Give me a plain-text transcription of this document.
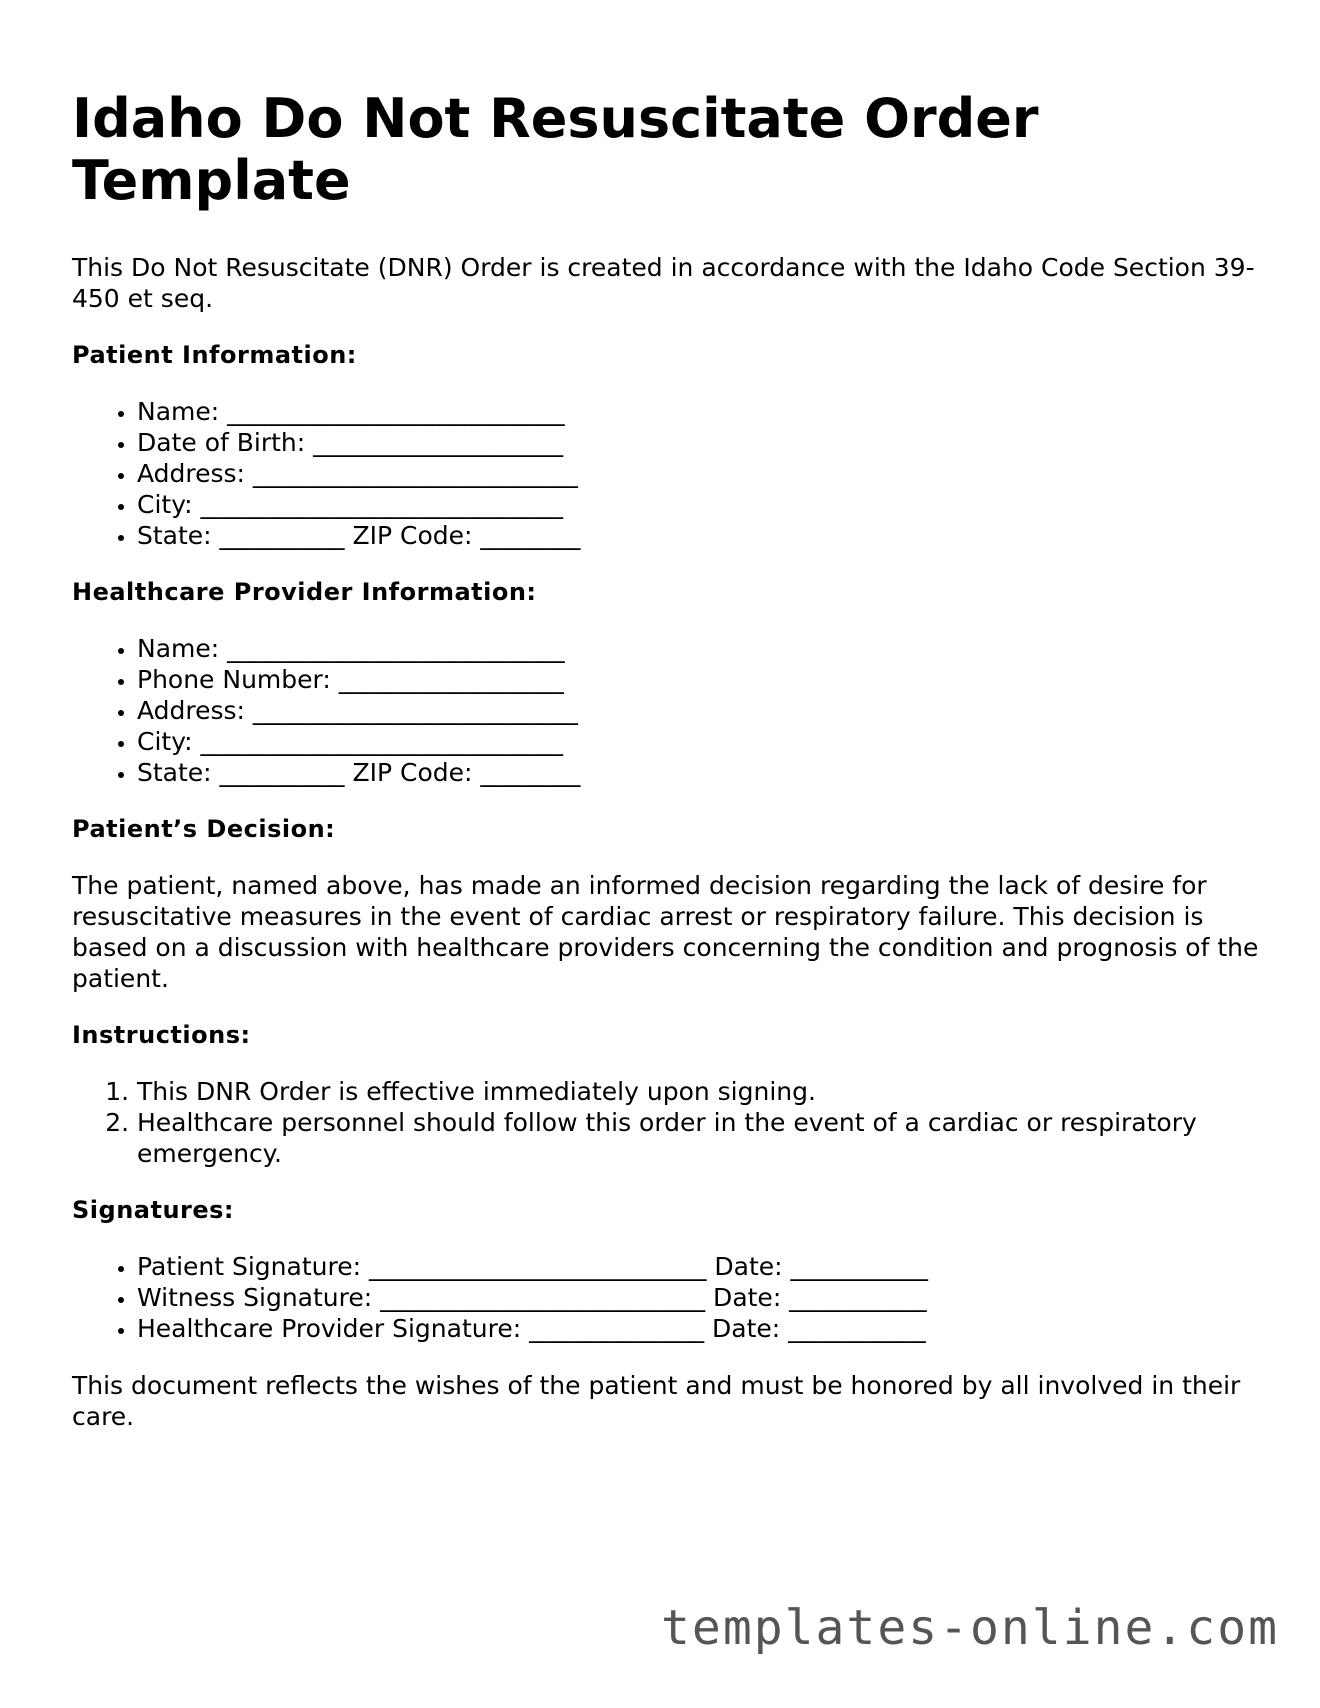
Idaho Do Not Resuscitate Order Template

This Do Not Resuscitate (DNR) Order is created in accordance with the Idaho Code Section 39-450 et seq.

Patient Information:
• Name: ___________________________
• Date of Birth: ____________________
• Address: __________________________
• City: _____________________________
• State: __________ ZIP Code: ________
Healthcare Provider Information:
• Name: ___________________________
• Phone Number: __________________
• Address: __________________________
• City: _____________________________
• State: __________ ZIP Code: ________
Patient’s Decision:

The patient, named above, has made an informed decision regarding the lack of desire for resuscitative measures in the event of cardiac arrest or respiratory failure. This decision is based on a discussion with healthcare providers concerning the condition and prognosis of the patient.

Instructions:
1. This DNR Order is effective immediately upon signing.
2. Healthcare personnel should follow this order in the event of a cardiac or respiratory emergency.
Signatures:
• Patient Signature: ___________________________ Date: ___________
• Witness Signature: __________________________ Date: ___________
• Healthcare Provider Signature: ______________ Date: ___________

This document reflects the wishes of the patient and must be honored by all involved in their care.

templates-online.com
